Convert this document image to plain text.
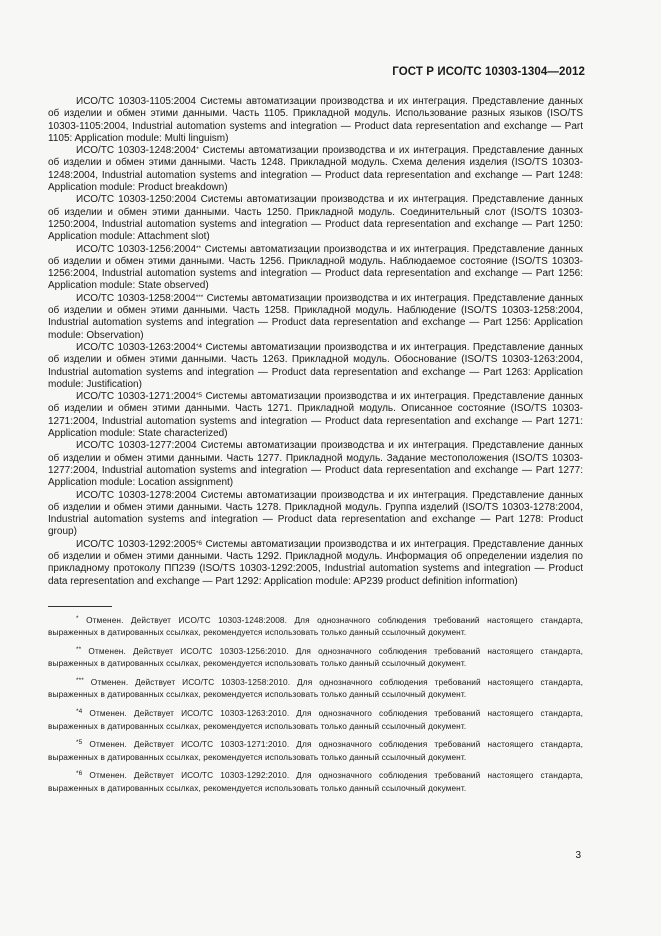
ГОСТ Р ИСО/ТС 10303-1304—2012

ИСО/ТС 10303-1105:2004 Системы автоматизации производства и их интеграция. Представление данных об изделии и обмен этими данными. Часть 1105. Прикладной модуль. Использование разных языков (ISO/TS 10303-1105:2004, Industrial automation systems and integration — Product data representation and exchange — Part 1105: Application module: Multi linguism)

ИСО/ТС 10303-1248:2004* Системы автоматизации производства и их интеграция. Представление данных об изделии и обмен этими данными. Часть 1248. Прикладной модуль. Схема деления изделия (ISO/TS 10303-1248:2004, Industrial automation systems and integration — Product data representation and exchange — Part 1248: Application module: Product breakdown)

ИСО/ТС 10303-1250:2004 Системы автоматизации производства и их интеграция. Представление данных об изделии и обмен этими данными. Часть 1250. Прикладной модуль. Соединительный слот (ISO/TS 10303-1250:2004, Industrial automation systems and integration — Product data representation and exchange — Part 1250: Application module: Attachment slot)

ИСО/ТС 10303-1256:2004** Системы автоматизации производства и их интеграция. Представление данных об изделии и обмен этими данными. Часть 1256. Прикладной модуль. Наблюдаемое состояние (ISO/TS 10303-1256:2004, Industrial automation systems and integration — Product data representation and exchange — Part 1256: Application module: State observed)

ИСО/ТС 10303-1258:2004*** Системы автоматизации производства и их интеграция. Представление данных об изделии и обмен этими данными. Часть 1258. Прикладной модуль. Наблюдение (ISO/TS 10303-1258:2004, Industrial automation systems and integration — Product data representation and exchange — Part 1256: Application module: Observation)

ИСО/ТС 10303-1263:2004$^{*4}$ Системы автоматизации производства и их интеграция. Представление данных об изделии и обмен этими данными. Часть 1263. Прикладной модуль. Обоснование (ISO/TS 10303-1263:2004, Industrial automation systems and integration — Product data representation and exchange — Part 1263: Application module: Justification)

ИСО/ТС 10303-1271:2004$^{*5}$ Системы автоматизации производства и их интеграция. Представление данных об изделии и обмен этими данными. Часть 1271. Прикладной модуль. Описанное состояние (ISO/TS 10303-1271:2004, Industrial automation systems and integration — Product data representation and exchange — Part 1271: Application module: State characterized)

ИСО/ТС 10303-1277:2004 Системы автоматизации производства и их интеграция. Представление данных об изделии и обмен этими данными. Часть 1277. Прикладной модуль. Задание местоположения (ISO/TS 10303-1277:2004, Industrial automation systems and integration — Product data representation and exchange — Part 1277: Application module: Location assignment)

ИСО/ТС 10303-1278:2004 Системы автоматизации производства и их интеграция. Представление данных об изделии и обмен этими данными. Часть 1278. Прикладной модуль. Группа изделий (ISO/TS 10303-1278:2004, Industrial automation systems and integration — Product data representation and exchange — Part 1278: Product group)

ИСО/ТС 10303-1292:2005$^{*6}$ Системы автоматизации производства и их интеграция. Представление данных об изделии и обмен этими данными. Часть 1292. Прикладной модуль. Информация об определении изделия по прикладному протоколу ПП239 (ISO/TS 10303-1292:2005, Industrial automation systems and integration — Product data representation and exchange — Part 1292: Application module: AP239 product definition information)

* Отменен. Действует ИСО/ТС 10303-1248:2008. Для однозначного соблюдения требований настоящего стандарта, выраженных в датированных ссылках, рекомендуется использовать только данный ссылочный документ.

** Отменен. Действует ИСО/ТС 10303-1256:2010. Для однозначного соблюдения требований настоящего стандарта, выраженных в датированных ссылках, рекомендуется использовать только данный ссылочный документ.

*** Отменен. Действует ИСО/ТС 10303-1258:2010. Для однозначного соблюдения требований настоящего стандарта, выраженных в датированных ссылках, рекомендуется использовать только данный ссылочный документ.

$^{*4}$ Отменен. Действует ИСО/ТС 10303-1263:2010. Для однозначного соблюдения требований настоящего стандарта, выраженных в датированных ссылках, рекомендуется использовать только данный ссылочный документ.

$^{*5}$ Отменен. Действует ИСО/ТС 10303-1271:2010. Для однозначного соблюдения требований настоящего стандарта, выраженных в датированных ссылках, рекомендуется использовать только данный ссылочный документ.

$^{*6}$ Отменен. Действует ИСО/ТС 10303-1292:2010. Для однозначного соблюдения требований настоящего стандарта, выраженных в датированных ссылках, рекомендуется использовать только данный ссылочный документ.

3
